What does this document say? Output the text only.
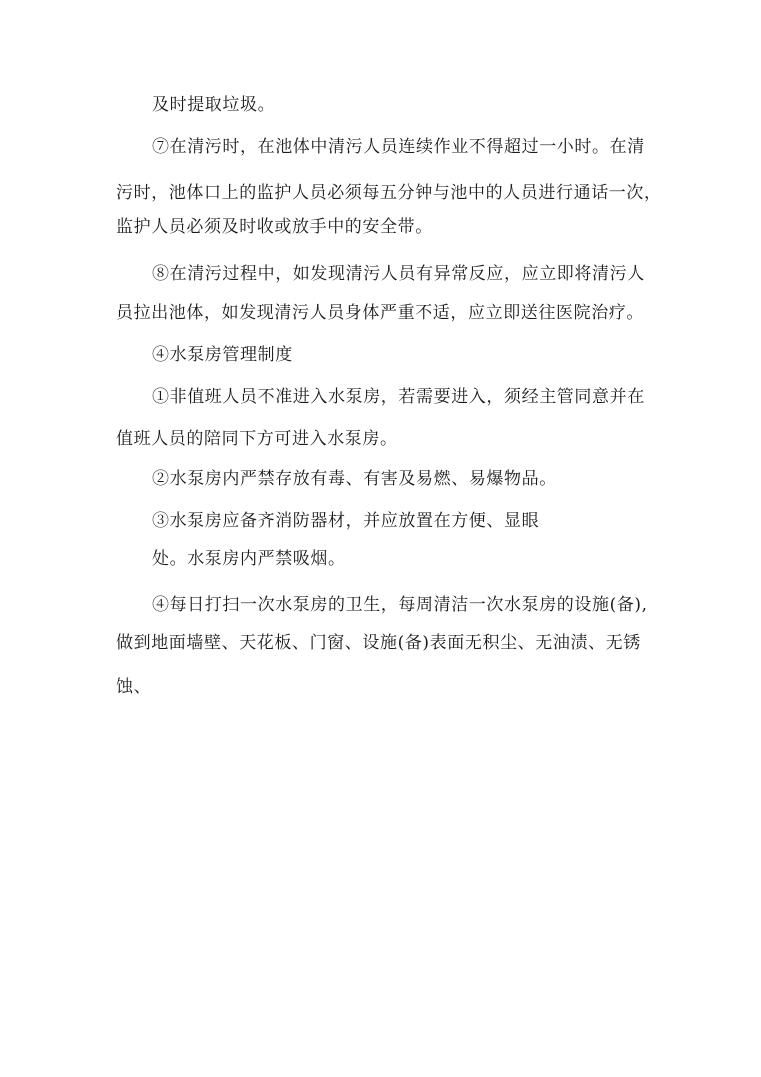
及时提取垃圾。
⑦在清污时，在池体中清污人员连续作业不得超过一小时。在清
污时，池体口上的监护人员必须每五分钟与池中的人员进行通话一次，
监护人员必须及时收或放手中的安全带。
⑧在清污过程中，如发现清污人员有异常反应，应立即将清污人
员拉出池体，如发现清污人员身体严重不适，应立即送往医院治疗。
④水泵房管理制度
①非值班人员不准进入水泵房，若需要进入，须经主管同意并在
值班人员的陪同下方可进入水泵房。
②水泵房内严禁存放有毒、有害及易燃、易爆物品。
③水泵房应备齐消防器材，并应放置在方便、显眼
处。水泵房内严禁吸烟。
④每日打扫一次水泵房的卫生，每周清洁一次水泵房的设施(备),
做到地面墙壁、天花板、门窗、设施(备)表面无积尘、无油渍、无锈
蚀、
